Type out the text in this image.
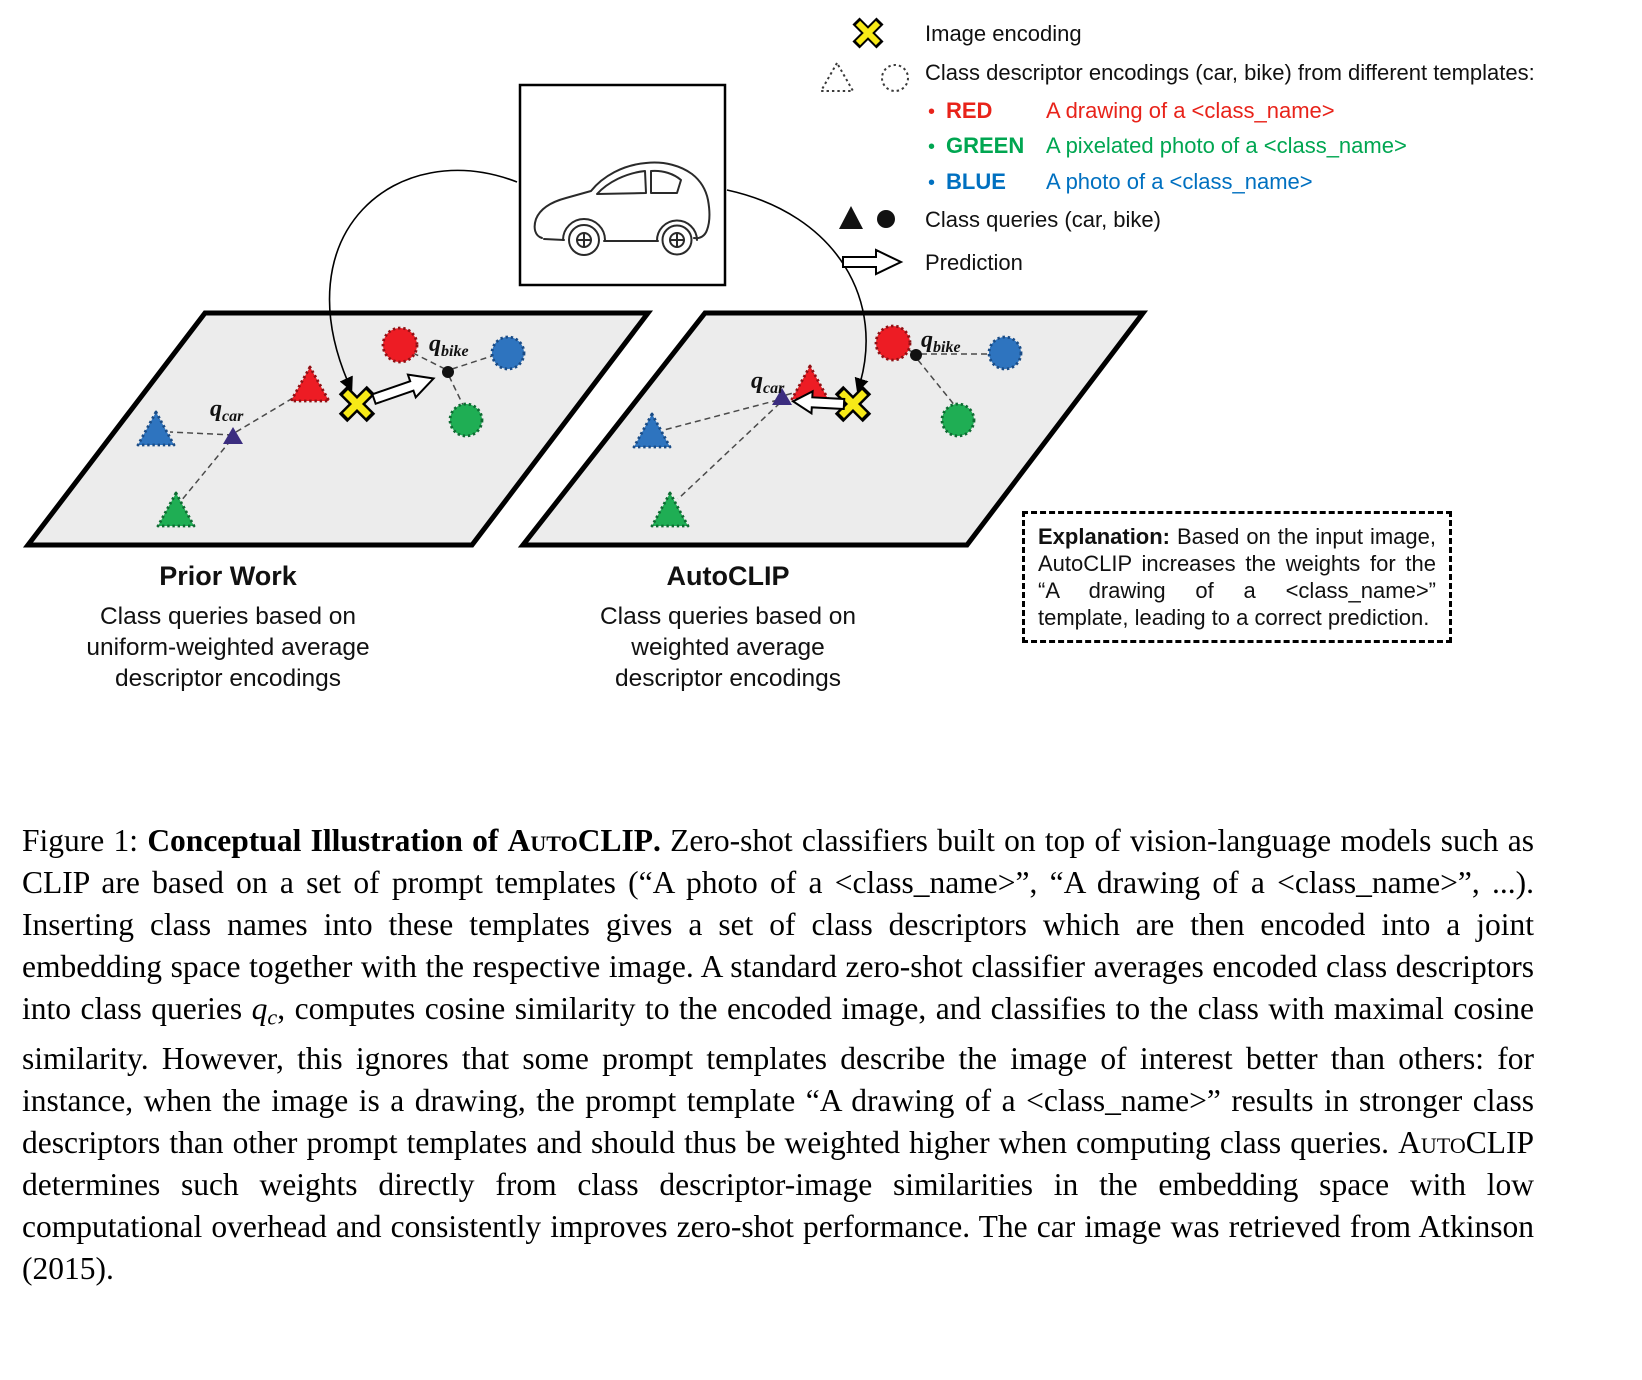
Image encoding
Class descriptor encodings (car, bike) from different templates:
• RED A drawing of a <class_name>
• GREEN A pixelated photo of a <class_name>
• BLUE A photo of a <class_name>
Class queries (car, bike)
Prediction
$q_{car}$
$q_{bike}$
$q_{car}$
$q_{bike}$
Prior Work
Class queries based on
uniform-weighted average
descriptor encodings
AutoCLIP
Class queries based on
weighted average
descriptor encodings
Explanation: Based on the input image, AutoCLIP increases the weights for the “A drawing of a <class_name>” template, leading to a correct prediction.

Figure 1: Conceptual Illustration of AutoCLIP. Zero-shot classifiers built on top of vision-language models such as CLIP are based on a set of prompt templates (“A photo of a <class_name>”, “A drawing of a <class_name>”, ...). Inserting class names into these templates gives a set of class descriptors which are then encoded into a joint embedding space together with the respective image. A standard zero-shot classifier averages encoded class descriptors into class queries qc, computes cosine similarity to the encoded image, and classifies to the class with maximal cosine similarity. However, this ignores that some prompt templates describe the image of interest better than others: for instance, when the image is a drawing, the prompt template “A drawing of a <class_name>” results in stronger class descriptors than other prompt templates and should thus be weighted higher when computing class queries. AutoCLIP determines such weights directly from class descriptor-image similarities in the embedding space with low computational overhead and consistently improves zero-shot performance. The car image was retrieved from Atkinson (2015).
